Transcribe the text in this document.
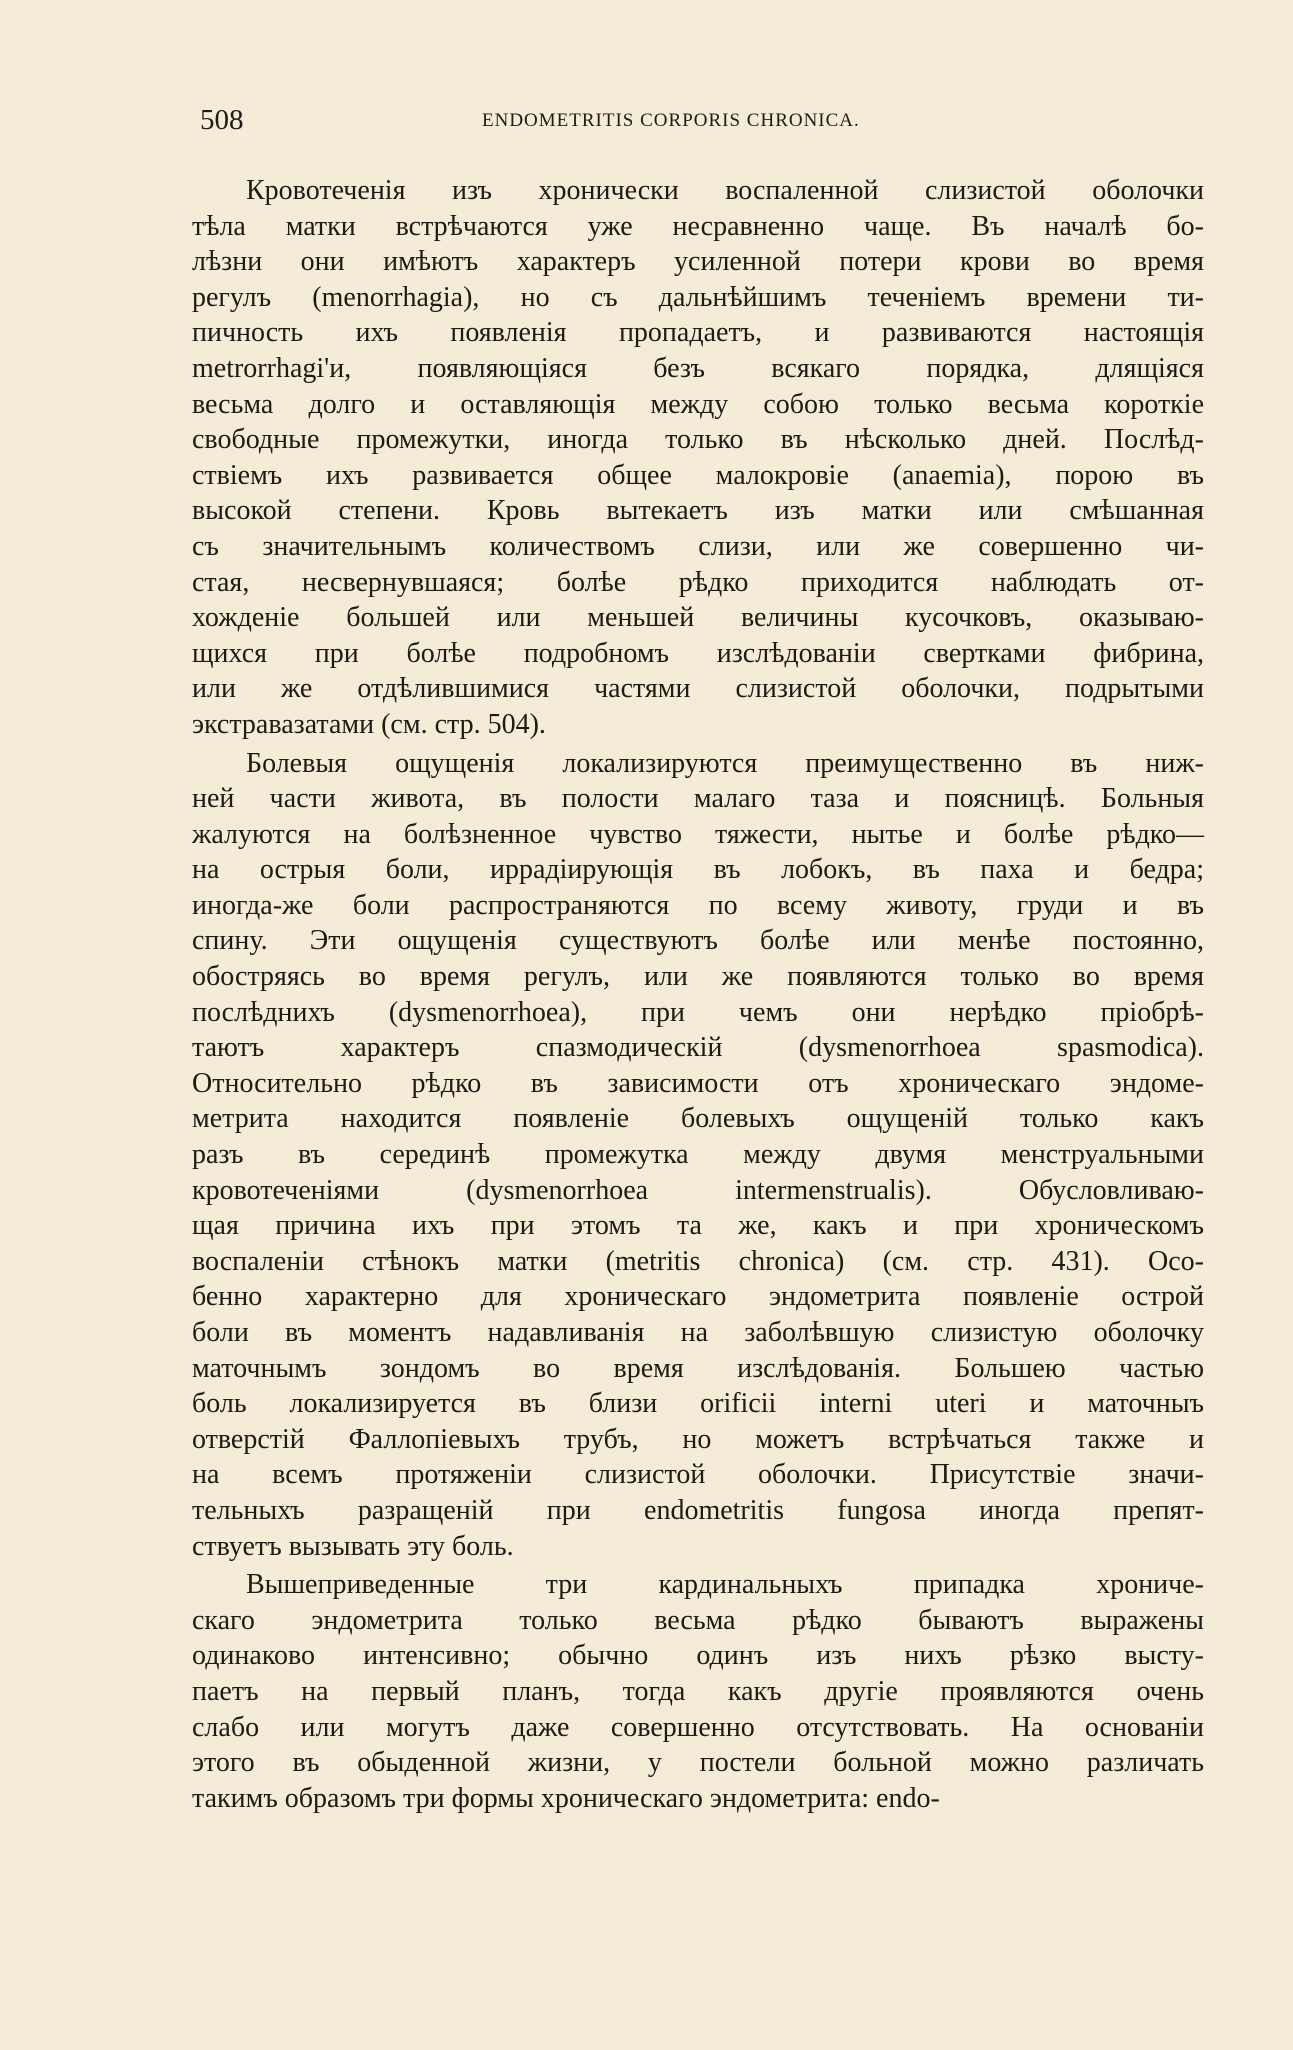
508	ENDOMETRITIS CORPORIS CHRONICA.
Кровотеченія изъ хронически воспаленной слизистой оболочки
тѣла матки встрѣчаются уже несравненно чаще. Въ началѣ бо-
лѣзни они имѣютъ характеръ усиленной потери крови во время
регулъ (menorrhagia), но съ дальнѣйшимъ теченіемъ времени ти-
пичность ихъ появленія пропадаетъ, и развиваются настоящія
metrorrhagi'и, появляющіяся безъ всякаго порядка, длящіяся
весьма долго и оставляющія между собою только весьма короткіе
свободные промежутки, иногда только въ нѣсколько дней. Послѣд-
ствіемъ ихъ развивается общее малокровіе (anaemia), порою въ
высокой степени. Кровь вытекаетъ изъ матки или смѣшанная
съ значительнымъ количествомъ слизи, или же совершенно чи-
стая, несвернувшаяся; болѣе рѣдко приходится наблюдать от-
хожденіе большей или меньшей величины кусочковъ, оказываю-
щихся при болѣе подробномъ изслѣдованіи свертками фибрина,
или же отдѣлившимися частями слизистой оболочки, подрытыми
экстравазатами (см. стр. 504).
Болевыя ощущенія локализируются преимущественно въ ниж-
ней части живота, въ полости малаго таза и поясницѣ. Больныя
жалуются на болѣзненное чувство тяжести, нытье и болѣе рѣдко—
на острыя боли, иррадіирующія въ лобокъ, въ паха и бедра;
иногда-же боли распространяются по всему животу, груди и въ
спину. Эти ощущенія существуютъ болѣе или менѣе постоянно,
обостряясь во время регулъ, или же появляются только во время
послѣднихъ (dysmenorrhoea), при чемъ они нерѣдко пріобрѣ-
таютъ характеръ спазмодическій (dysmenorrhoea spasmodica).
Относительно рѣдко въ зависимости отъ хроническаго эндоме-
метрита находится появленіе болевыхъ ощущеній только какъ
разъ въ серединѣ промежутка между двумя менструальными
кровотеченіями (dysmenorrhoea intermenstrualis). Обусловливаю-
щая причина ихъ при этомъ та же, какъ и при хроническомъ
воспаленіи стѣнокъ матки (metritis chronica) (см. стр. 431). Осо-
бенно характерно для хроническаго эндометрита появленіе острой
боли въ моментъ надавливанія на заболѣвшую слизистую оболочку
маточнымъ зондомъ во время изслѣдованія. Большею частью
боль локализируется въ близи orificii interni uteri и маточныъ
отверстій Фаллопіевыхъ трубъ, но можетъ встрѣчаться также и
на всемъ протяженіи слизистой оболочки. Присутствіе значи-
тельныхъ разращеній при endometritis fungosa иногда препят-
ствуетъ вызывать эту боль.
Вышеприведенные три кардинальныхъ припадка хрониче-
скаго эндометрита только весьма рѣдко бываютъ выражены
одинаково интенсивно; обычно одинъ изъ нихъ рѣзко высту-
паетъ на первый планъ, тогда какъ другіе проявляются очень
слабо или могутъ даже совершенно отсутствовать. На основаніи
этого въ обыденной жизни, у постели больной можно различать
такимъ образомъ три формы хроническаго эндометрита: endo-
